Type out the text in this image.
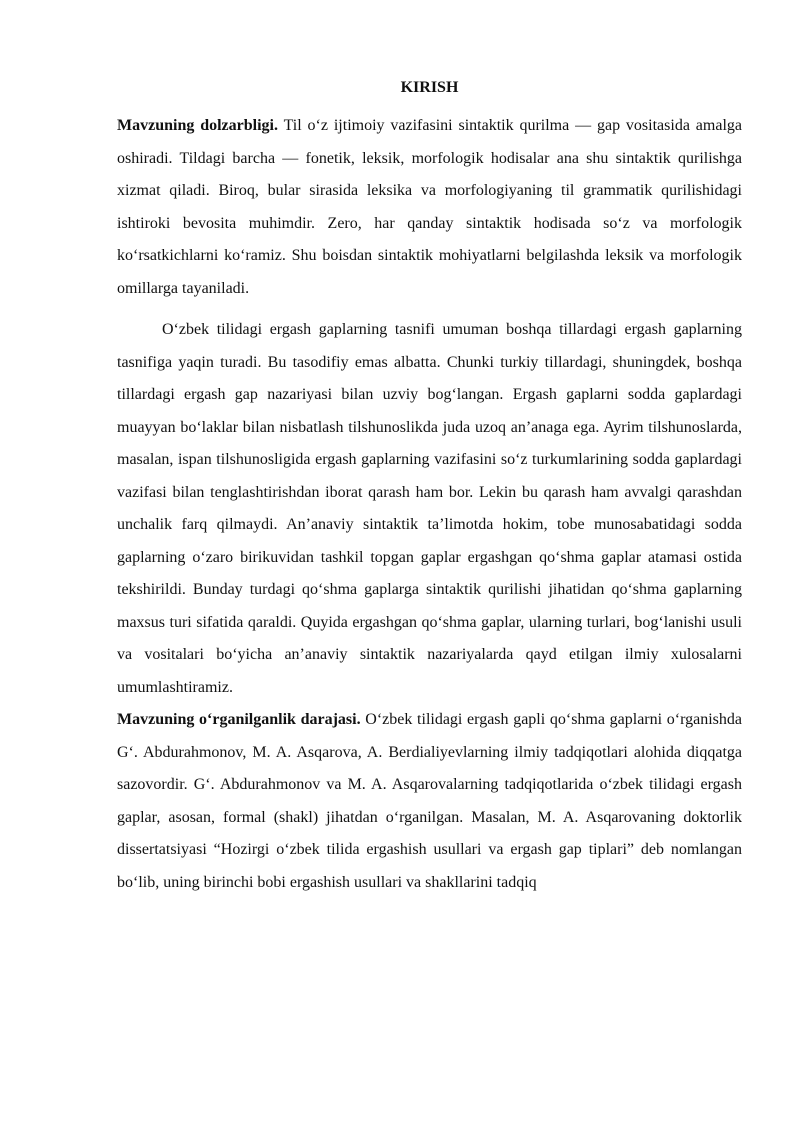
KIRISH

Mavzuning dolzarbligi. Til o‘z ijtimoiy vazifasini sintaktik qurilma — gap vositasida amalga oshiradi. Tildagi barcha — fonetik, leksik, morfologik hodisalar ana shu sintaktik qurilishga xizmat qiladi. Biroq, bular sirasida leksika va morfologiyaning til grammatik qurilishidagi ishtiroki bevosita muhimdir. Zero, har qanday sintaktik hodisada so‘z va morfologik ko‘rsatkichlarni ko‘ramiz. Shu boisdan sintaktik mohiyatlarni belgilashda leksik va morfologik omillarga tayaniladi.

O‘zbek tilidagi ergash gaplarning tasnifi umuman boshqa tillardagi ergash gaplarning tasnifiga yaqin turadi. Bu tasodifiy emas albatta. Chunki turkiy tillardagi, shuningdek, boshqa tillardagi ergash gap nazariyasi bilan uzviy bog‘langan. Ergash gaplarni sodda gaplardagi muayyan bo‘laklar bilan nisbatlash tilshunoslikda juda uzoq an’anaga ega. Ayrim tilshunoslarda, masalan, ispan tilshunosligida ergash gaplarning vazifasini so‘z turkumlarining sodda gaplardagi vazifasi bilan tenglashtirishdan iborat qarash ham bor. Lekin bu qarash ham avvalgi qarashdan unchalik farq qilmaydi. An’anaviy sintaktik ta’limotda hokim, tobe munosabatidagi sodda gaplarning o‘zaro birikuvidan tashkil topgan gaplar ergashgan qo‘shma gaplar atamasi ostida tekshirildi. Bunday turdagi qo‘shma gaplarga sintaktik qurilishi jihatidan qo‘shma gaplarning maxsus turi sifatida qaraldi. Quyida ergashgan qo‘shma gaplar, ularning turlari, bog‘lanishi usuli va vositalari bo‘yicha an’anaviy sintaktik nazariyalarda qayd etilgan ilmiy xulosalarni umumlashtiramiz.

Mavzuning o‘rganilganlik darajasi. O‘zbek tilidagi ergash gapli qo‘shma gaplarni o‘rganishda G‘. Abdurahmonov, M. A. Asqarova, A. Berdialiyevlarning ilmiy tadqiqotlari alohida diqqatga sazovordir. G‘. Abdurahmonov va M. A. Asqarovalarning tadqiqotlarida o‘zbek tilidagi ergash gaplar, asosan, formal (shakl) jihatdan o‘rganilgan. Masalan, M. A. Asqarovaning doktorlik dissertatsiyasi “Hozirgi o‘zbek tilida ergashish usullari va ergash gap tiplari” deb nomlangan bo‘lib, uning birinchi bobi ergashish usullari va shakllarini tadqiq
